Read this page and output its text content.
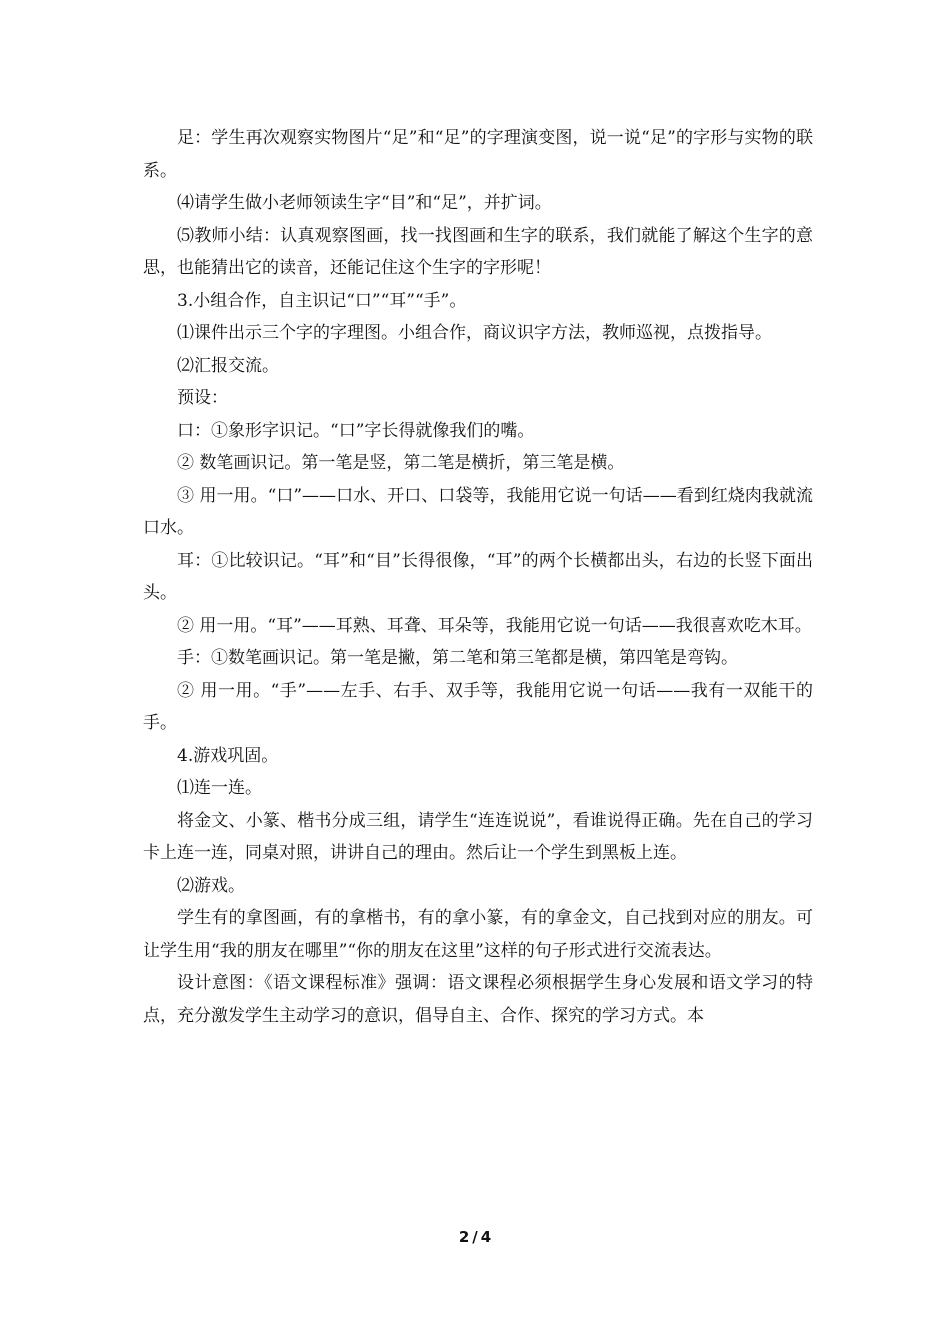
足：学生再次观察实物图片“足”和“足”的字理演变图，说一说“足”的字形与实物的联系。

⑷请学生做小老师领读生字“目”和“足”，并扩词。

⑸教师小结：认真观察图画，找一找图画和生字的联系，我们就能了解这个生字的意思，也能猜出它的读音，还能记住这个生字的字形呢！

3.小组合作，自主识记“口”“耳”“手”。

⑴课件出示三个字的字理图。小组合作，商议识字方法，教师巡视，点拨指导。

⑵汇报交流。

预设：

口：①象形字识记。“口”字长得就像我们的嘴。

② 数笔画识记。第一笔是竖，第二笔是横折，第三笔是横。

③ 用一用。“口”——口水、开口、口袋等，我能用它说一句话——看到红烧肉我就流口水。

耳：①比较识记。“耳”和“目”长得很像，“耳”的两个长横都出头，右边的长竖下面出头。

② 用一用。“耳”——耳熟、耳聋、耳朵等，我能用它说一句话——我很喜欢吃木耳。

手：①数笔画识记。第一笔是撇，第二笔和第三笔都是横，第四笔是弯钩。

② 用一用。“手”——左手、右手、双手等，我能用它说一句话——我有一双能干的手。

4.游戏巩固。

⑴连一连。

将金文、小篆、楷书分成三组，请学生“连连说说”，看谁说得正确。先在自己的学习卡上连一连，同桌对照，讲讲自己的理由。然后让一个学生到黑板上连。

⑵游戏。

学生有的拿图画，有的拿楷书，有的拿小篆，有的拿金文，自己找到对应的朋友。可让学生用“我的朋友在哪里”“你的朋友在这里”这样的句子形式进行交流表达。

设计意图：《语文课程标准》强调：语文课程必须根据学生身心发展和语文学习的特点，充分激发学生主动学习的意识，倡导自主、合作、探究的学习方式。本

2 / 4
